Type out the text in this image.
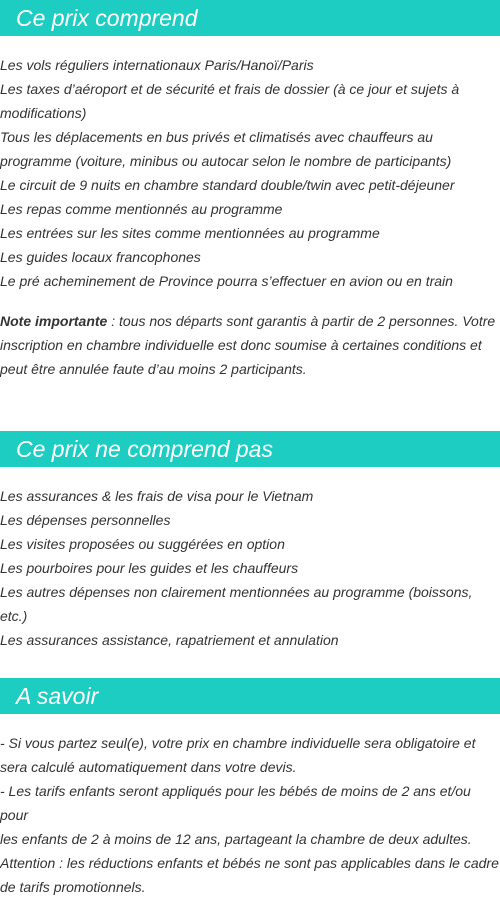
Ce prix comprend
Les vols réguliers internationaux Paris/Hanoï/Paris
Les taxes d’aéroport et de sécurité et frais de dossier (à ce jour et sujets à
modifications)
Tous les déplacements en bus privés et climatisés avec chauffeurs au
programme (voiture, minibus ou autocar selon le nombre de participants)
Le circuit de 9 nuits en chambre standard double/twin avec petit-déjeuner
Les repas comme mentionnés au programme
Les entrées sur les sites comme mentionnées au programme
Les guides locaux francophones
Le pré acheminement de Province pourra s’effectuer en avion ou en train
Note importante : tous nos départs sont garantis à partir de 2 personnes. Votre
inscription en chambre individuelle est donc soumise à certaines conditions et
peut être annulée faute d’au moins 2 participants.
Ce prix ne comprend pas
Les assurances & les frais de visa pour le Vietnam
Les dépenses personnelles
Les visites proposées ou suggérées en option
Les pourboires pour les guides et les chauffeurs
Les autres dépenses non clairement mentionnées au programme (boissons, etc.)
Les assurances assistance, rapatriement et annulation
A savoir
- Si vous partez seul(e), votre prix en chambre individuelle sera obligatoire et
sera calculé automatiquement dans votre devis.
- Les tarifs enfants seront appliqués pour les bébés de moins de 2 ans et/ou pour
les enfants de 2 à moins de 12 ans, partageant la chambre de deux adultes.
Attention : les réductions enfants et bébés ne sont pas applicables dans le cadre
de tarifs promotionnels.
